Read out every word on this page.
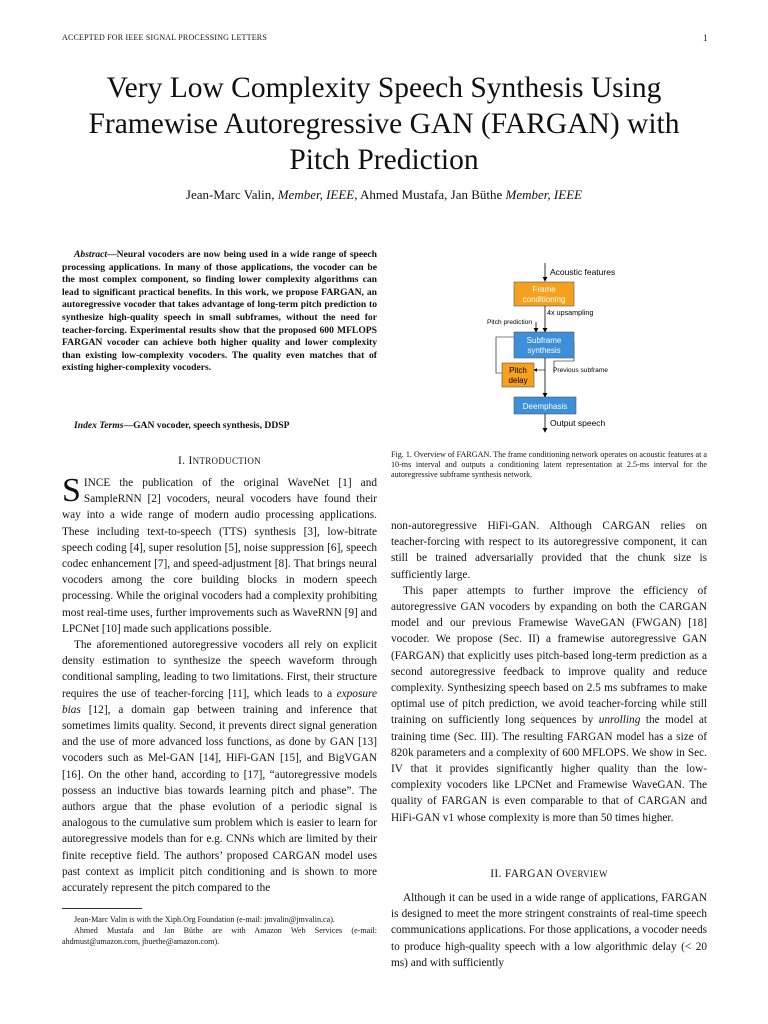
ACCEPTED FOR IEEE SIGNAL PROCESSING LETTERS	1
Very Low Complexity Speech Synthesis Using
Framewise Autoregressive GAN (FARGAN) with
Pitch Prediction
Jean-Marc Valin, Member, IEEE, Ahmed Mustafa, Jan Büthe Member, IEEE

Abstract—Neural vocoders are now being used in a wide range of speech processing applications. In many of those applications, the vocoder can be the most complex component, so finding lower complexity algorithms can lead to significant practical benefits. In this work, we propose FARGAN, an autoregressive vocoder that takes advantage of long-term pitch prediction to synthesize high-quality speech in small subframes, without the need for teacher-forcing. Experimental results show that the proposed 600 MFLOPS FARGAN vocoder can achieve both higher quality and lower complexity than existing low-complexity vocoders. The quality even matches that of existing higher-complexity vocoders.

Index Terms—GAN vocoder, speech synthesis, DDSP

I. INTRODUCTION

SINCE the publication of the original WaveNet [1] and SampleRNN [2] vocoders, neural vocoders have found their way into a wide range of modern audio processing applications. These including text-to-speech (TTS) synthesis [3], low-bitrate speech coding [4], super resolution [5], noise suppression [6], speech codec enhancement [7], and speed-adjustment [8]. That brings neural vocoders among the core building blocks in modern speech processing. While the original vocoders had a complexity prohibiting most real-time uses, further improvements such as WaveRNN [9] and LPCNet [10] made such applications possible.

The aforementioned autoregressive vocoders all rely on explicit density estimation to synthesize the speech waveform through conditional sampling, leading to two limitations. First, their structure requires the use of teacher-forcing [11], which leads to a exposure bias [12], a domain gap between training and inference that sometimes limits quality. Second, it prevents direct signal generation and the use of more advanced loss functions, as done by GAN [13] vocoders such as Mel-GAN [14], HiFi-GAN [15], and BigVGAN [16]. On the other hand, according to [17], “autoregressive models possess an inductive bias towards learning pitch and phase”. The authors argue that the phase evolution of a periodic signal is analogous to the cumulative sum problem which is easier to learn for autoregressive models than for e.g. CNNs which are limited by their finite receptive field. The authors’ proposed CARGAN model uses past context as implicit pitch conditioning and is shown to more accurately represent the pitch compared to the

Jean-Marc Valin is with the Xiph.Org Foundation (e-mail: jmvalin@jmvalin.ca).

Ahmed Mustafa and Jan Büthe are with Amazon Web Services (e-mail: ahdmust@amazon.com, jbuethe@amazon.com).

Acoustic features
Frame
conditioning
4x upsampling
Pitch prediction
Subframe
synthesis
Pitch
delay
Previous subframe
Deemphasis
Output speech
Fig. 1. Overview of FARGAN. The frame conditioning network operates on acoustic features at a 10-ms interval and outputs a conditioning latent representation at 2.5-ms interval for the autoregressive subframe synthesis network.

non-autoregressive HiFi-GAN. Although CARGAN relies on teacher-forcing with respect to its autoregressive component, it can still be trained adversarially provided that the chunk size is sufficiently large.

This paper attempts to further improve the efficiency of autoregressive GAN vocoders by expanding on both the CARGAN model and our previous Framewise WaveGAN (FWGAN) [18] vocoder. We propose (Sec. II) a framewise autoregressive GAN (FARGAN) that explicitly uses pitch-based long-term prediction as a second autoregressive feedback to improve quality and reduce complexity. Synthesizing speech based on 2.5 ms subframes to make optimal use of pitch prediction, we avoid teacher-forcing while still training on sufficiently long sequences by unrolling the model at training time (Sec. III). The resulting FARGAN model has a size of 820k parameters and a complexity of 600 MFLOPS. We show in Sec. IV that it provides significantly higher quality than the low-complexity vocoders like LPCNet and Framewise WaveGAN. The quality of FARGAN is even comparable to that of CARGAN and HiFi-GAN v1 whose complexity is more than 50 times higher.

II. FARGAN OVERVIEW

Although it can be used in a wide range of applications, FARGAN is designed to meet the more stringent constraints of real-time speech communications applications. For those applications, a vocoder needs to produce high-quality speech with a low algorithmic delay (< 20 ms) and with sufficiently
